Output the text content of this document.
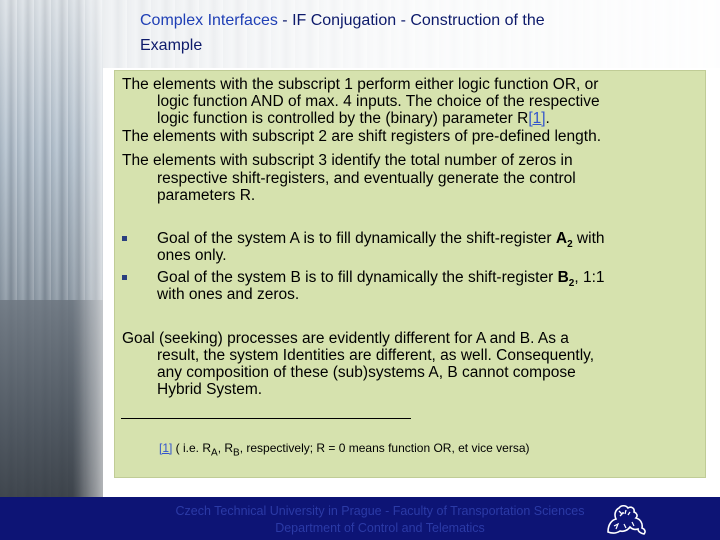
Complex Interfaces - IF Conjugation - Construction of the
Example
The elements with the subscript 1 perform either logic function OR, or
logic function AND of max. 4 inputs. The choice of the respective
logic function is controlled by the (binary) parameter R[1].
The elements with subscript 2 are shift registers of pre-defined length.
The elements with subscript 3 identify the total number of zeros in
respective shift-registers, and eventually generate the control
parameters R.
Goal of the system A is to fill dynamically the shift-register $A_2$ with
ones only.
Goal of the system B is to fill dynamically the shift-register $B_2$, 1:1
with ones and zeros.
Goal (seeking) processes are evidently different for A and B. As a
result, the system Identities are different, as well. Consequently,
any composition of these (sub)systems A, B cannot compose
Hybrid System.
[1] ( i.e. $R_A$, $R_B$, respectively; R = 0 means function OR, et vice versa)
Czech Technical University in Prague - Faculty of Transportation Sciences
Department of Control and Telematics
